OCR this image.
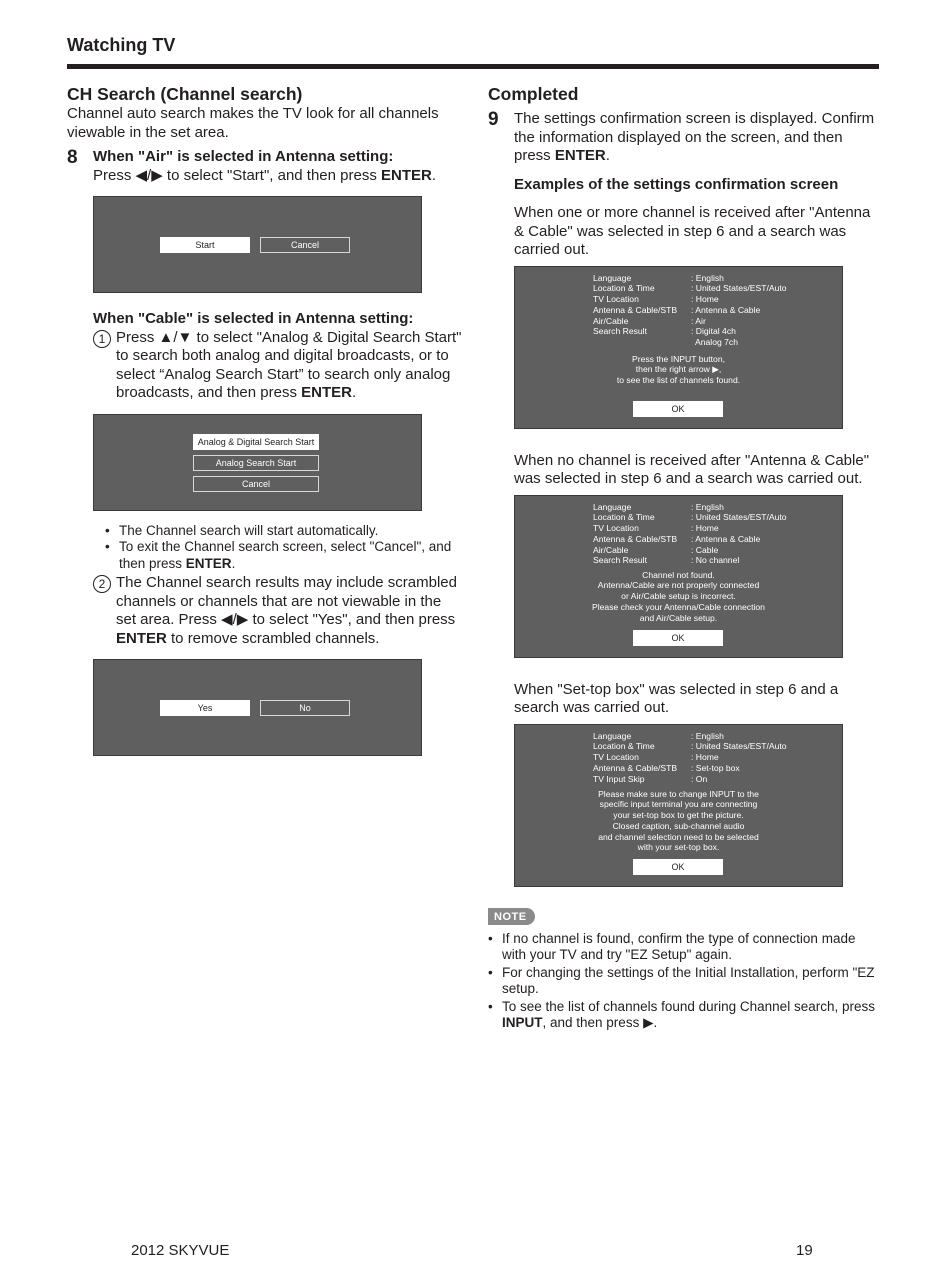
Watching TV
CH Search (Channel search)
Channel auto search makes the TV look for all channels viewable in the set area.
8 When "Air" is selected in Antenna setting:
Press ◀/▶ to select "Start", and then press ENTER.
Start	Cancel
When "Cable" is selected in Antenna setting:
1 Press ▲/▼ to select "Analog & Digital Search Start" to search both analog and digital broadcasts, or to select “Analog Search Start” to search only analog broadcasts, and then press ENTER.
Analog & Digital Search Start
Analog Search Start
Cancel
• The Channel search will start automatically.
• To exit the Channel search screen, select "Cancel", and then press ENTER.
2 The Channel search results may include scrambled channels or channels that are not viewable in the set area. Press ◀/▶ to select "Yes", and then press ENTER to remove scrambled channels.
Yes	No
Completed
9 The settings confirmation screen is displayed. Confirm the information displayed on the screen, and then press ENTER.
Examples of the settings confirmation screen
When one or more channel is received after "Antenna & Cable" was selected in step 6 and a search was carried out.
Language	: English
Location & Time	: United States/EST/Auto
TV Location	: Home
Antenna & Cable/STB	: Antenna & Cable
Air/Cable	: Air
Search Result	: Digital 4ch
Analog 7ch
Press the INPUT button,
then the right arrow ▶,
to see the list of channels found.
OK
When no channel is received after "Antenna & Cable" was selected in step 6 and a search was carried out.
Language	: English
Location & Time	: United States/EST/Auto
TV Location	: Home
Antenna & Cable/STB	: Antenna & Cable
Air/Cable	: Cable
Search Result	: No channel
Channel not found.
Antenna/Cable are not properly connected
or Air/Cable setup is incorrect.
Please check your Antenna/Cable connection
and Air/Cable setup.
OK
When "Set-top box" was selected in step 6 and a search was carried out.
Language	: English
Location & Time	: United States/EST/Auto
TV Location	: Home
Antenna & Cable/STB	: Set-top box
TV Input Skip	: On
Please make sure to change INPUT to the
specific input terminal you are connecting
your set-top box to get the picture.
Closed caption, sub-channel audio
and channel selection need to be selected
with your set-top box.
OK
NOTE
• If no channel is found, confirm the type of connection made with your TV and try "EZ Setup" again.
• For changing the settings of the Initial Installation, perform "EZ setup.
• To see the list of channels found during Channel search, press INPUT, and then press ▶.
2012 SKYVUE	19
